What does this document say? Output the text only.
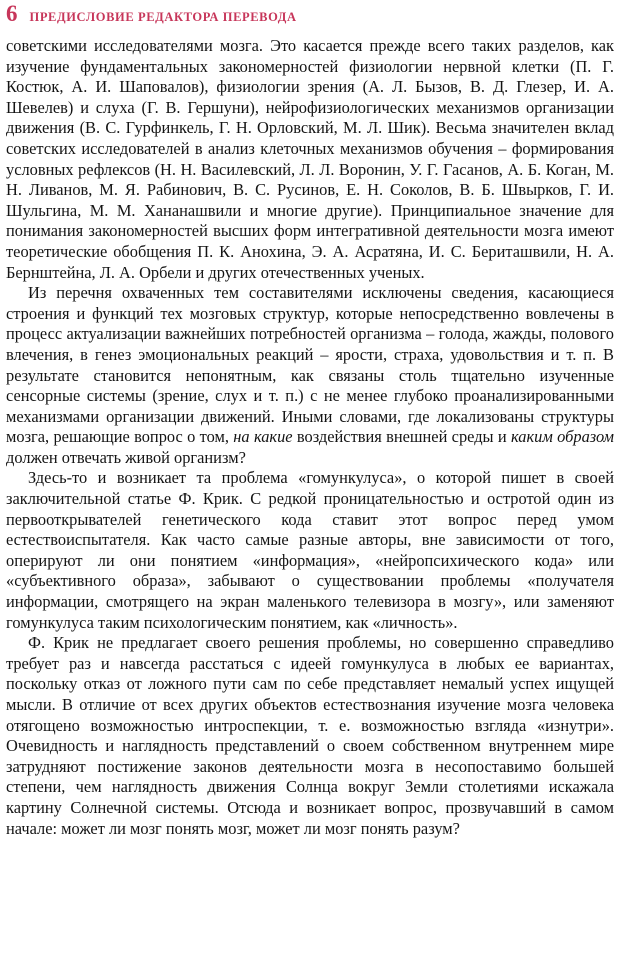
6 ПРЕДИСЛОВИЕ РЕДАКТОРА ПЕРЕВОДА

советскими исследователями мозга. Это касается прежде всего таких разделов, как изучение фундаментальных закономерностей физиологии нервной клетки (П. Г. Костюк, А. И. Шаповалов), физиологии зрения (А. Л. Бызов, В. Д. Глезер, И. А. Шевелев) и слуха (Г. В. Гершуни), нейрофизиологических механизмов организации движения (В. С. Гурфинкель, Г. Н. Орловский, М. Л. Шик). Весьма значителен вклад советских исследователей в анализ клеточных механизмов обучения – формирования условных рефлексов (Н. Н. Василевский, Л. Л. Воронин, У. Г. Гасанов, А. Б. Коган, М. Н. Ливанов, М. Я. Рабинович, В. С. Русинов, Е. Н. Соколов, В. Б. Швырков, Г. И. Шульгина, М. М. Хананашвили и многие другие). Принципиальное значение для понимания закономерностей высших форм интегративной деятельности мозга имеют теоретические обобщения П. К. Анохина, Э. А. Асратяна, И. С. Бериташвили, Н. А. Бернштейна, Л. А. Орбели и других отечественных ученых.

Из перечня охваченных тем составителями исключены сведения, касающиеся строения и функций тех мозговых структур, которые непосредственно вовлечены в процесс актуализации важнейших потребностей организма – голода, жажды, полового влечения, в генез эмоциональных реакций – ярости, страха, удовольствия и т. п. В результате становится непонятным, как связаны столь тщательно изученные сенсорные системы (зрение, слух и т. п.) с не менее глубоко проанализированными механизмами организации движений. Иными словами, где локализованы структуры мозга, решающие вопрос о том, на какие воздействия внешней среды и каким образом должен отвечать живой организм?

Здесь-то и возникает та проблема «гомункулуса», о которой пишет в своей заключительной статье Ф. Крик. С редкой проницательностью и остротой один из первооткрывателей генетического кода ставит этот вопрос перед умом естествоиспытателя. Как часто самые разные авторы, вне зависимости от того, оперируют ли они понятием «информация», «нейропсихического кода» или «субъективного образа», забывают о существовании проблемы «получателя информации, смотрящего на экран маленького телевизора в мозгу», или заменяют гомункулуса таким психологическим понятием, как «личность».

Ф. Крик не предлагает своего решения проблемы, но совершенно справедливо требует раз и навсегда расстаться с идеей гомункулуса в любых ее вариантах, поскольку отказ от ложного пути сам по себе представляет немалый успех ищущей мысли. В отличие от всех других объектов естествознания изучение мозга человека отягощено возможностью интроспекции, т. е. возможностью взгляда «изнутри». Очевидность и наглядность представлений о своем собственном внутреннем мире затрудняют постижение законов деятельности мозга в несопоставимо большей степени, чем наглядность движения Солнца вокруг Земли столетиями искажала картину Солнечной системы. Отсюда и возникает вопрос, прозвучавший в самом начале: может ли мозг понять мозг, может ли мозг понять разум?
